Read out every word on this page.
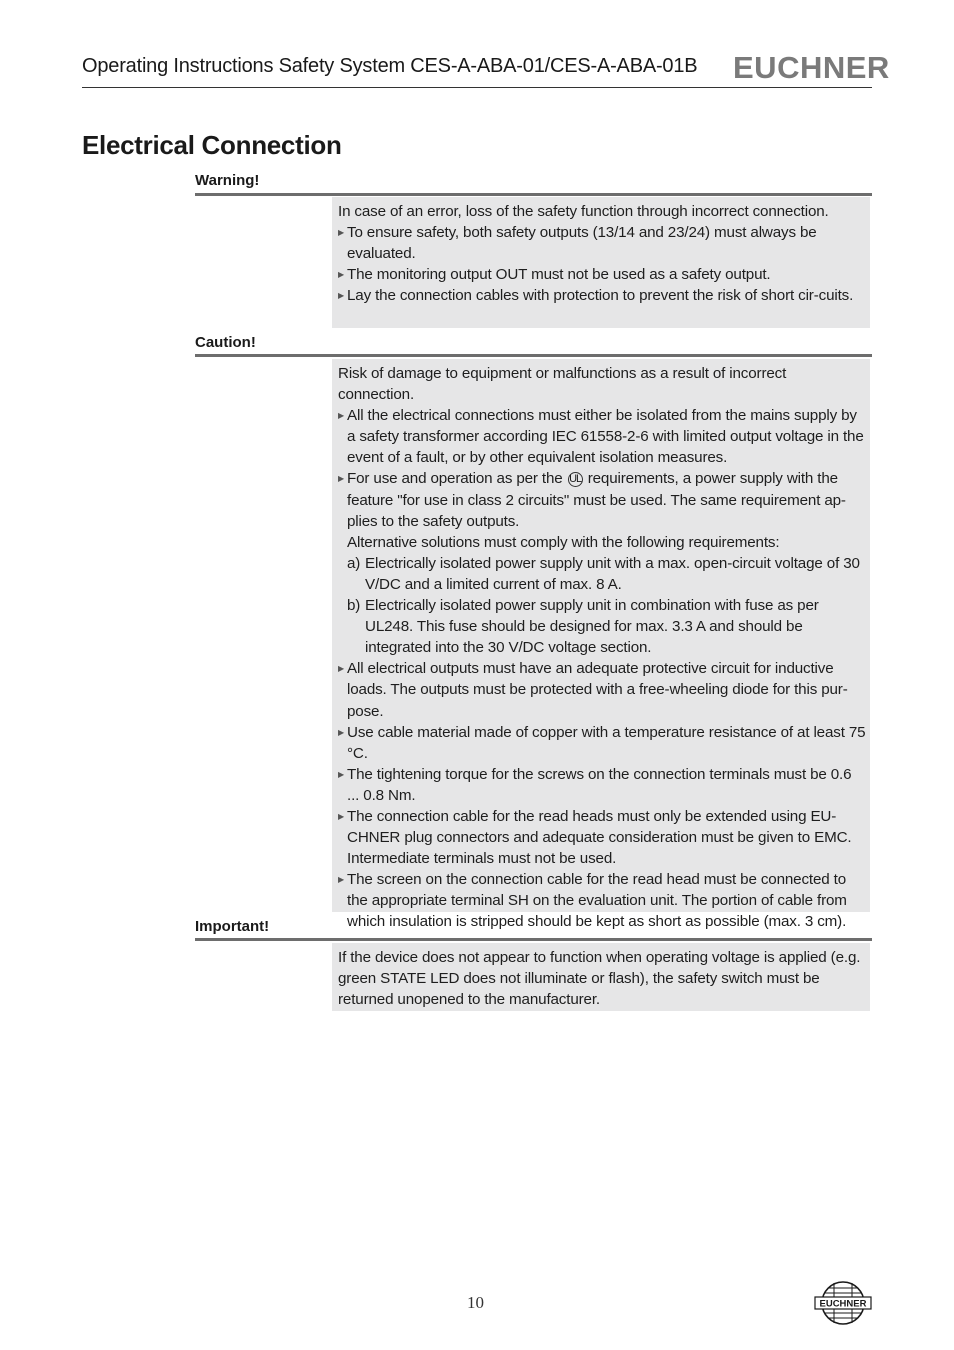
Operating Instructions Safety System CES-A-ABA-01/CES-A-ABA-01B EUCHNER
Electrical Connection
Warning!

In case of an error, loss of the safety function through incorrect connection.

▶ To ensure safety, both safety outputs (13/14 and 23/24) must always be evaluated.

▶ The monitoring output OUT must not be used as a safety output.

▶ Lay the connection cables with protection to prevent the risk of short cir-cuits.

Caution!

Risk of damage to equipment or malfunctions as a result of incorrect connection.

▶ All the electrical connections must either be isolated from the mains supply by a safety transformer according IEC 61558-2-6 with limited output voltage in the event of a fault, or by other equivalent isolation measures.

▶ For use and operation as per the UL requirements, a power supply with the feature "for use in class 2 circuits" must be used. The same requirement ap-plies to the safety outputs.

Alternative solutions must comply with the following requirements:

a) Electrically isolated power supply unit with a max. open-circuit voltage of 30 V/DC and a limited current of max. 8 A.

b) Electrically isolated power supply unit in combination with fuse as per UL248. This fuse should be designed for max. 3.3 A and should be integrated into the 30 V/DC voltage section.

▶ All electrical outputs must have an adequate protective circuit for inductive loads. The outputs must be protected with a free-wheeling diode for this pur-pose.

▶ Use cable material made of copper with a temperature resistance of at least 75 °C.

▶ The tightening torque for the screws on the connection terminals must be 0.6 ... 0.8 Nm.

▶ The connection cable for the read heads must only be extended using EU-CHNER plug connectors and adequate consideration must be given to EMC. Intermediate terminals must not be used.

▶ The screen on the connection cable for the read head must be connected to the appropriate terminal SH on the evaluation unit. The portion of cable from which insulation is stripped should be kept as short as possible (max. 3 cm).

Important!

If the device does not appear to function when operating voltage is applied (e.g. green STATE LED does not illuminate or flash), the safety switch must be returned unopened to the manufacturer.

10	EUCHNER
